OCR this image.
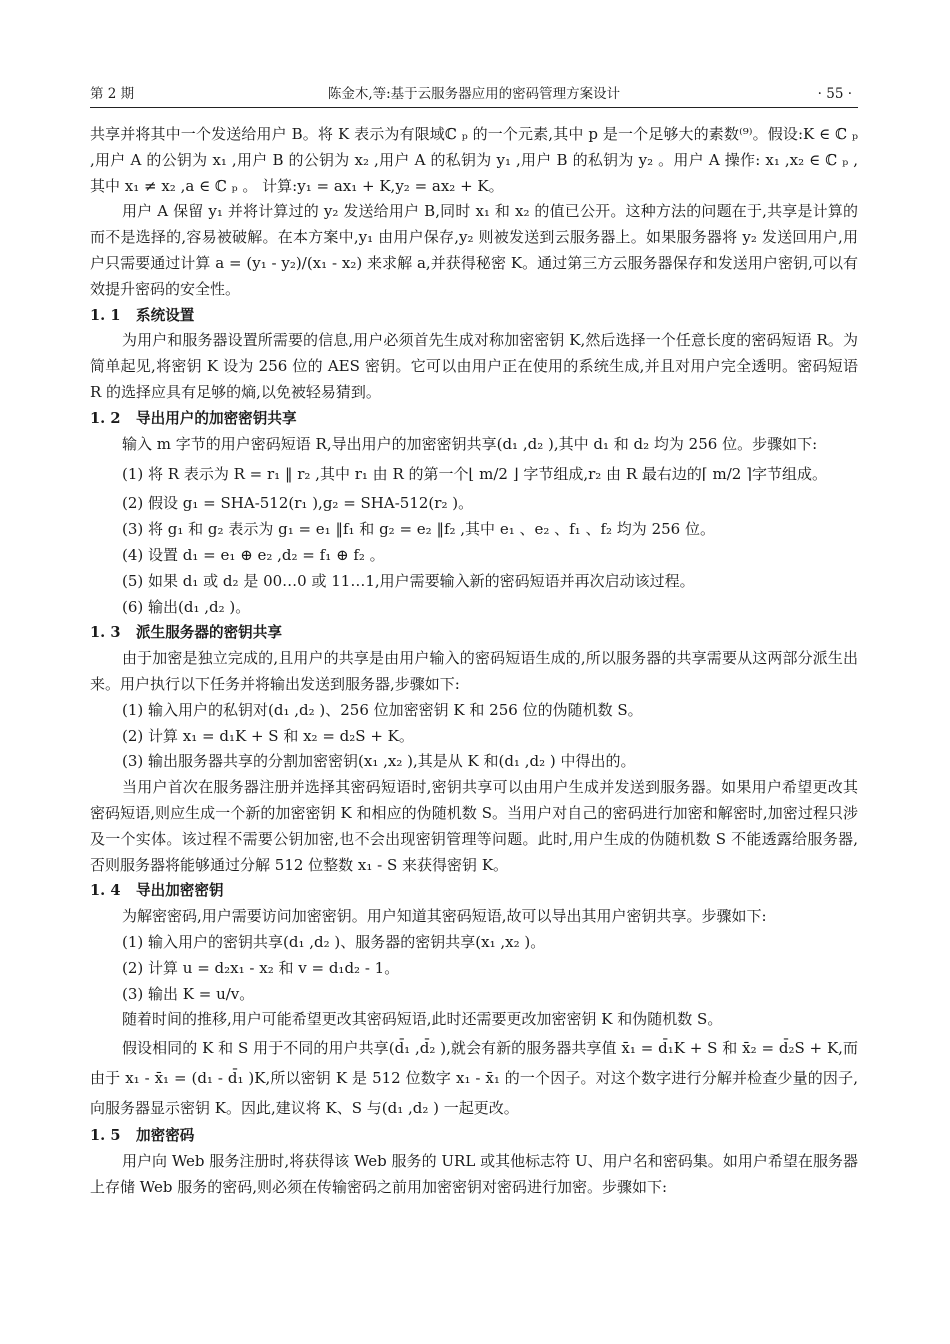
第 2 期	陈金木,等:基于云服务器应用的密码管理方案设计	· 55 ·

共享并将其中一个发送给用户 B。将 K 表示为有限域ℂ ₚ 的一个元素,其中 p 是一个足够大的素数⁽⁹⁾。假设:K ∈ ℂ ₚ ,用户 A 的公钥为 x₁ ,用户 B 的公钥为 x₂ ,用户 A 的私钥为 y₁ ,用户 B 的私钥为 y₂ 。用户 A 操作: x₁ ,x₂ ∈ ℂ ₚ ,其中 x₁ ≠ x₂ ,a ∈ ℂ ₚ 。 计算:y₁ = ax₁ + K,y₂ = ax₂ + K。

用户 A 保留 y₁ 并将计算过的 y₂ 发送给用户 B,同时 x₁ 和 x₂ 的值已公开。这种方法的问题在于,共享是计算的而不是选择的,容易被破解。在本方案中,y₁ 由用户保存,y₂ 则被发送到云服务器上。如果服务器将 y₂ 发送回用户,用户只需要通过计算 a = (y₁ - y₂)/(x₁ - x₂) 来求解 a,并获得秘密 K。通过第三方云服务器保存和发送用户密钥,可以有效提升密码的安全性。

1. 1 系统设置

为用户和服务器设置所需要的信息,用户必须首先生成对称加密密钥 K,然后选择一个任意长度的密码短语 R。为简单起见,将密钥 K 设为 256 位的 AES 密钥。它可以由用户正在使用的系统生成,并且对用户完全透明。密码短语 R 的选择应具有足够的熵,以免被轻易猜到。

1. 2 导出用户的加密密钥共享

输入 m 字节的用户密码短语 R,导出用户的加密密钥共享(d₁ ,d₂ ),其中 d₁ 和 d₂ 均为 256 位。步骤如下:

(1) 将 R 表示为 R = r₁ ‖ r₂ ,其中 r₁ 由 R 的第一个⌊ m/2 ⌋ 字节组成,r₂ 由 R 最右边的⌈ m/2 ⌉字节组成。

(2) 假设 g₁ = SHA-512(r₁ ),g₂ = SHA-512(r₂ )。

(3) 将 g₁ 和 g₂ 表示为 g₁ = e₁ ‖f₁ 和 g₂ = e₂ ‖f₂ ,其中 e₁ 、e₂ 、f₁ 、f₂ 均为 256 位。

(4) 设置 d₁ = e₁ ⊕ e₂ ,d₂ = f₁ ⊕ f₂ 。

(5) 如果 d₁ 或 d₂ 是 00…0 或 11…1,用户需要输入新的密码短语并再次启动该过程。

(6) 输出(d₁ ,d₂ )。

1. 3 派生服务器的密钥共享

由于加密是独立完成的,且用户的共享是由用户输入的密码短语生成的,所以服务器的共享需要从这两部分派生出来。用户执行以下任务并将输出发送到服务器,步骤如下:

(1) 输入用户的私钥对(d₁ ,d₂ )、256 位加密密钥 K 和 256 位的伪随机数 S。

(2) 计算 x₁ = d₁K + S 和 x₂ = d₂S + K。

(3) 输出服务器共享的分割加密密钥(x₁ ,x₂ ),其是从 K 和(d₁ ,d₂ ) 中得出的。

当用户首次在服务器注册并选择其密码短语时,密钥共享可以由用户生成并发送到服务器。如果用户希望更改其密码短语,则应生成一个新的加密密钥 K 和相应的伪随机数 S。当用户对自己的密码进行加密和解密时,加密过程只涉及一个实体。该过程不需要公钥加密,也不会出现密钥管理等问题。此时,用户生成的伪随机数 S 不能透露给服务器,否则服务器将能够通过分解 512 位整数 x₁ - S 来获得密钥 K。

1. 4 导出加密密钥

为解密密码,用户需要访问加密密钥。用户知道其密码短语,故可以导出其用户密钥共享。步骤如下:

(1) 输入用户的密钥共享(d₁ ,d₂ )、服务器的密钥共享(x₁ ,x₂ )。

(2) 计算 u = d₂x₁ - x₂ 和 v = d₁d₂ - 1。

(3) 输出 K = u/v。

随着时间的推移,用户可能希望更改其密码短语,此时还需要更改加密密钥 K 和伪随机数 S。

假设相同的 K 和 S 用于不同的用户共享(d̄₁ ,d̄₂ ),就会有新的服务器共享值 x̄₁ = d̄₁K + S 和 x̄₂ = d̄₂S + K,而由于 x₁ - x̄₁ = (d₁ - d̄₁ )K,所以密钥 K 是 512 位数字 x₁ - x̄₁ 的一个因子。对这个数字进行分解并检查少量的因子,向服务器显示密钥 K。因此,建议将 K、S 与(d₁ ,d₂ ) 一起更改。

1. 5 加密密码

用户向 Web 服务注册时,将获得该 Web 服务的 URL 或其他标志符 U、用户名和密码集。如用户希望在服务器上存储 Web 服务的密码,则必须在传输密码之前用加密密钥对密码进行加密。步骤如下:
